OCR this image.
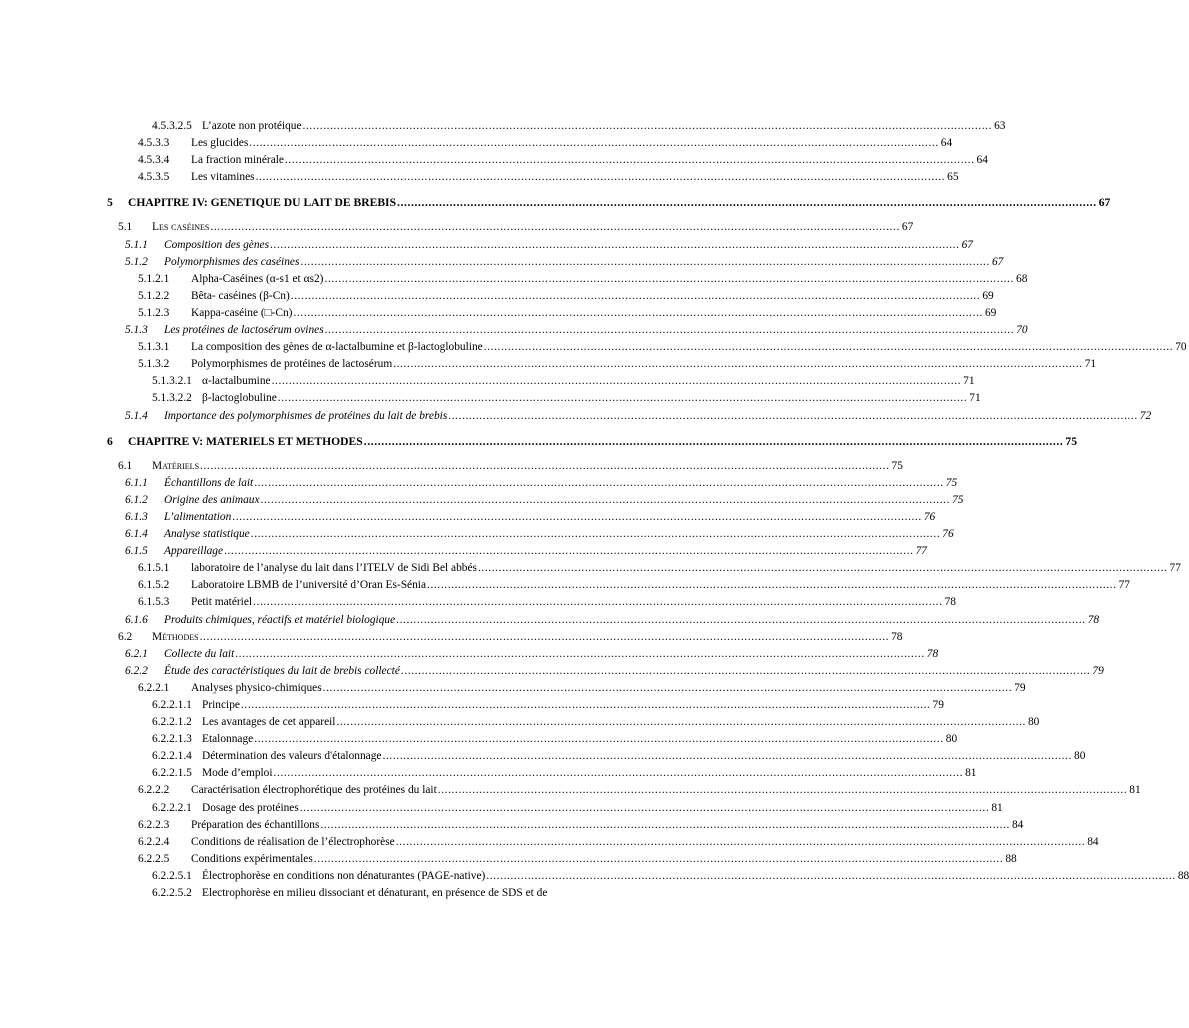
4.5.3.2.5 L’azote non protéique ........................................................................................................................................................................................................ 63
4.5.3.3 Les glucides ........................................................................................................................................................................................................ 64
4.5.3.4 La fraction minérale ........................................................................................................................................................................................................ 64
4.5.3.5 Les vitamines ........................................................................................................................................................................................................ 65
5 CHAPITRE IV: GENETIQUE DU LAIT DE BREBIS ........................................................................................................................................................................................................ 67
5.1 Les caséines ........................................................................................................................................................................................................ 67
5.1.1 Composition des gènes ........................................................................................................................................................................................................ 67
5.1.2 Polymorphismes des caséines ........................................................................................................................................................................................................ 67
5.1.2.1 Alpha-Caséines (α-s1 et αs2) ........................................................................................................................................................................................................ 68
5.1.2.2 Bêta- caséines (β-Cn) ........................................................................................................................................................................................................ 69
5.1.2.3 Kappa-caséine (□-Cn) ........................................................................................................................................................................................................ 69
5.1.3 Les protéines de lactosérum ovines ........................................................................................................................................................................................................ 70
5.1.3.1 La composition des gènes de α-lactalbumine et β-lactoglobuline ........................................................................................................................................................................................................ 70
5.1.3.2 Polymorphismes de protéines de lactosérum ........................................................................................................................................................................................................ 71
5.1.3.2.1 α-lactalbumine ........................................................................................................................................................................................................ 71
5.1.3.2.2 β-lactoglobuline ........................................................................................................................................................................................................ 71
5.1.4 Importance des polymorphismes de protéines du lait de brebis ........................................................................................................................................................................................................ 72
6 CHAPITRE V: MATERIELS ET METHODES ........................................................................................................................................................................................................ 75
6.1 Matériels ........................................................................................................................................................................................................ 75
6.1.1 Échantillons de lait ........................................................................................................................................................................................................ 75
6.1.2 Origine des animaux ........................................................................................................................................................................................................ 75
6.1.3 L’alimentation ........................................................................................................................................................................................................ 76
6.1.4 Analyse statistique ........................................................................................................................................................................................................ 76
6.1.5 Appareillage ........................................................................................................................................................................................................ 77
6.1.5.1 laboratoire de l’analyse du lait dans l’ITELV de Sidi Bel abbés ........................................................................................................................................................................................................ 77
6.1.5.2 Laboratoire LBMB de l’université d’Oran Es-Sénia ........................................................................................................................................................................................................ 77
6.1.5.3 Petit matériel ........................................................................................................................................................................................................ 78
6.1.6 Produits chimiques, réactifs et matériel biologique ........................................................................................................................................................................................................ 78
6.2 Méthodes ........................................................................................................................................................................................................ 78
6.2.1 Collecte du lait ........................................................................................................................................................................................................ 78
6.2.2 Étude des caractéristiques du lait de brebis collecté ........................................................................................................................................................................................................ 79
6.2.2.1 Analyses physico-chimiques ........................................................................................................................................................................................................ 79
6.2.2.1.1 Principe ........................................................................................................................................................................................................ 79
6.2.2.1.2 Les avantages de cet appareil ........................................................................................................................................................................................................ 80
6.2.2.1.3 Etalonnage ........................................................................................................................................................................................................ 80
6.2.2.1.4 Détermination des valeurs d'étalonnage ........................................................................................................................................................................................................ 80
6.2.2.1.5 Mode d’emploi ........................................................................................................................................................................................................ 81
6.2.2.2 Caractérisation électrophorétique des protéines du lait ........................................................................................................................................................................................................ 81
6.2.2.2.1 Dosage des protéines ........................................................................................................................................................................................................ 81
6.2.2.3 Préparation des échantillons ........................................................................................................................................................................................................ 84
6.2.2.4 Conditions de réalisation de l’électrophorèse ........................................................................................................................................................................................................ 84
6.2.2.5 Conditions expérimentales ........................................................................................................................................................................................................ 88
6.2.2.5.1 Électrophorèse en conditions non dénaturantes (PAGE-native) ........................................................................................................................................................................................................ 88
6.2.2.5.2 Electrophorèse en milieu dissociant et dénaturant, en présence de SDS et de
